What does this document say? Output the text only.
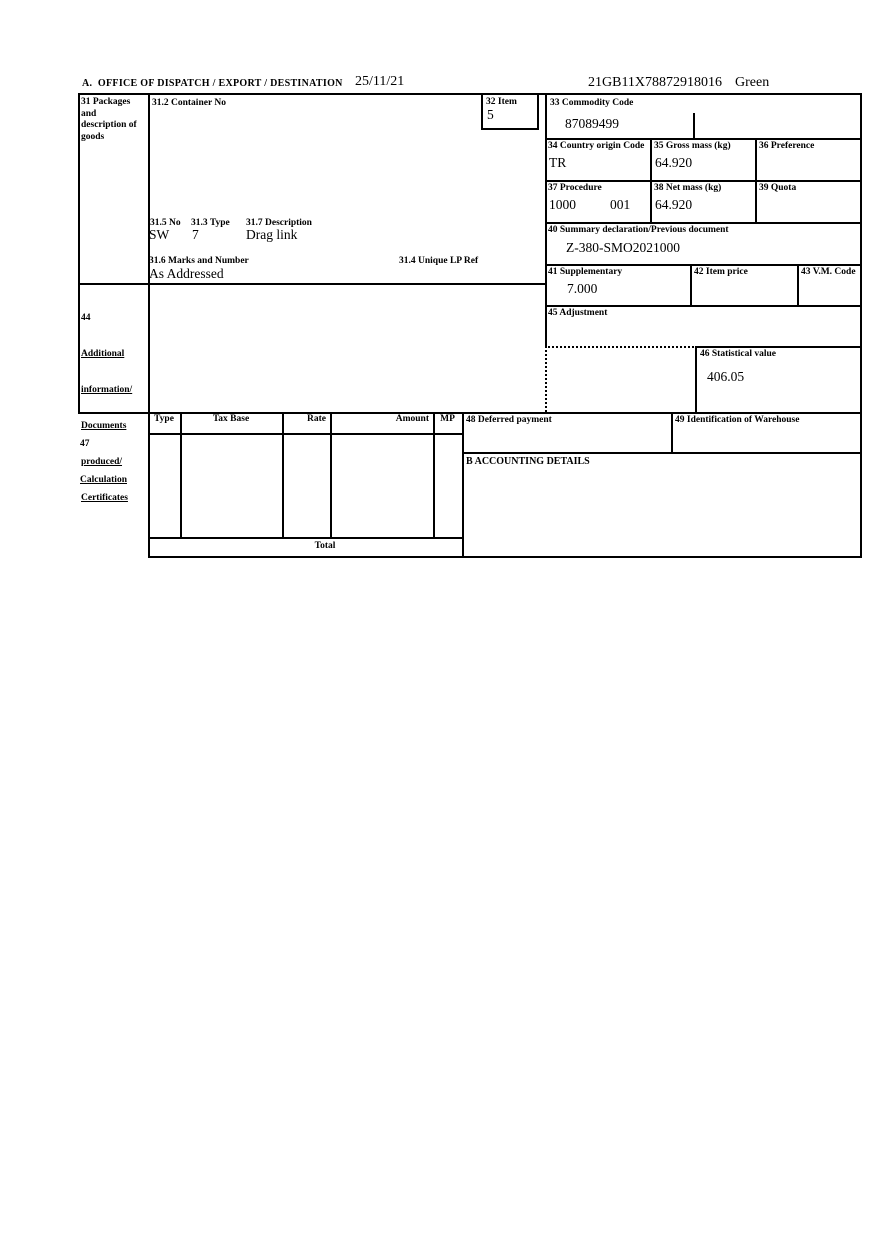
A.  OFFICE OF DISPATCH / EXPORT / DESTINATION 25/11/21	21GB11X78872918016 Green
31 Packages and description of goods
31.2 Container No	32 Item
5
33 Commodity Code
87089499
34 Country origin Code
TR
35 Gross mass (kg)
64.920
36 Preference
37 Procedure
1000	001
38 Net mass (kg)
64.920
39 Quota
40 Summary declaration/Previous document
Z-380-SMO2021000
41 Supplementary
7.000
42 Item price	43 V.M. Code
31.5 No 31.3 Type 31.7 Description
SW 7	Drag link
31.6 Marks and Number	31.4 Unique LP Ref
As Addressed

44

Additional

information/

Documents

produced/

Certificates

45 Adjustment
46 Statistical value
406.05

47

Calculation

Type	Tax Base	Rate	Amount	MP
Total
48 Deferred payment	49 Identification of Warehouse
B ACCOUNTING DETAILS
